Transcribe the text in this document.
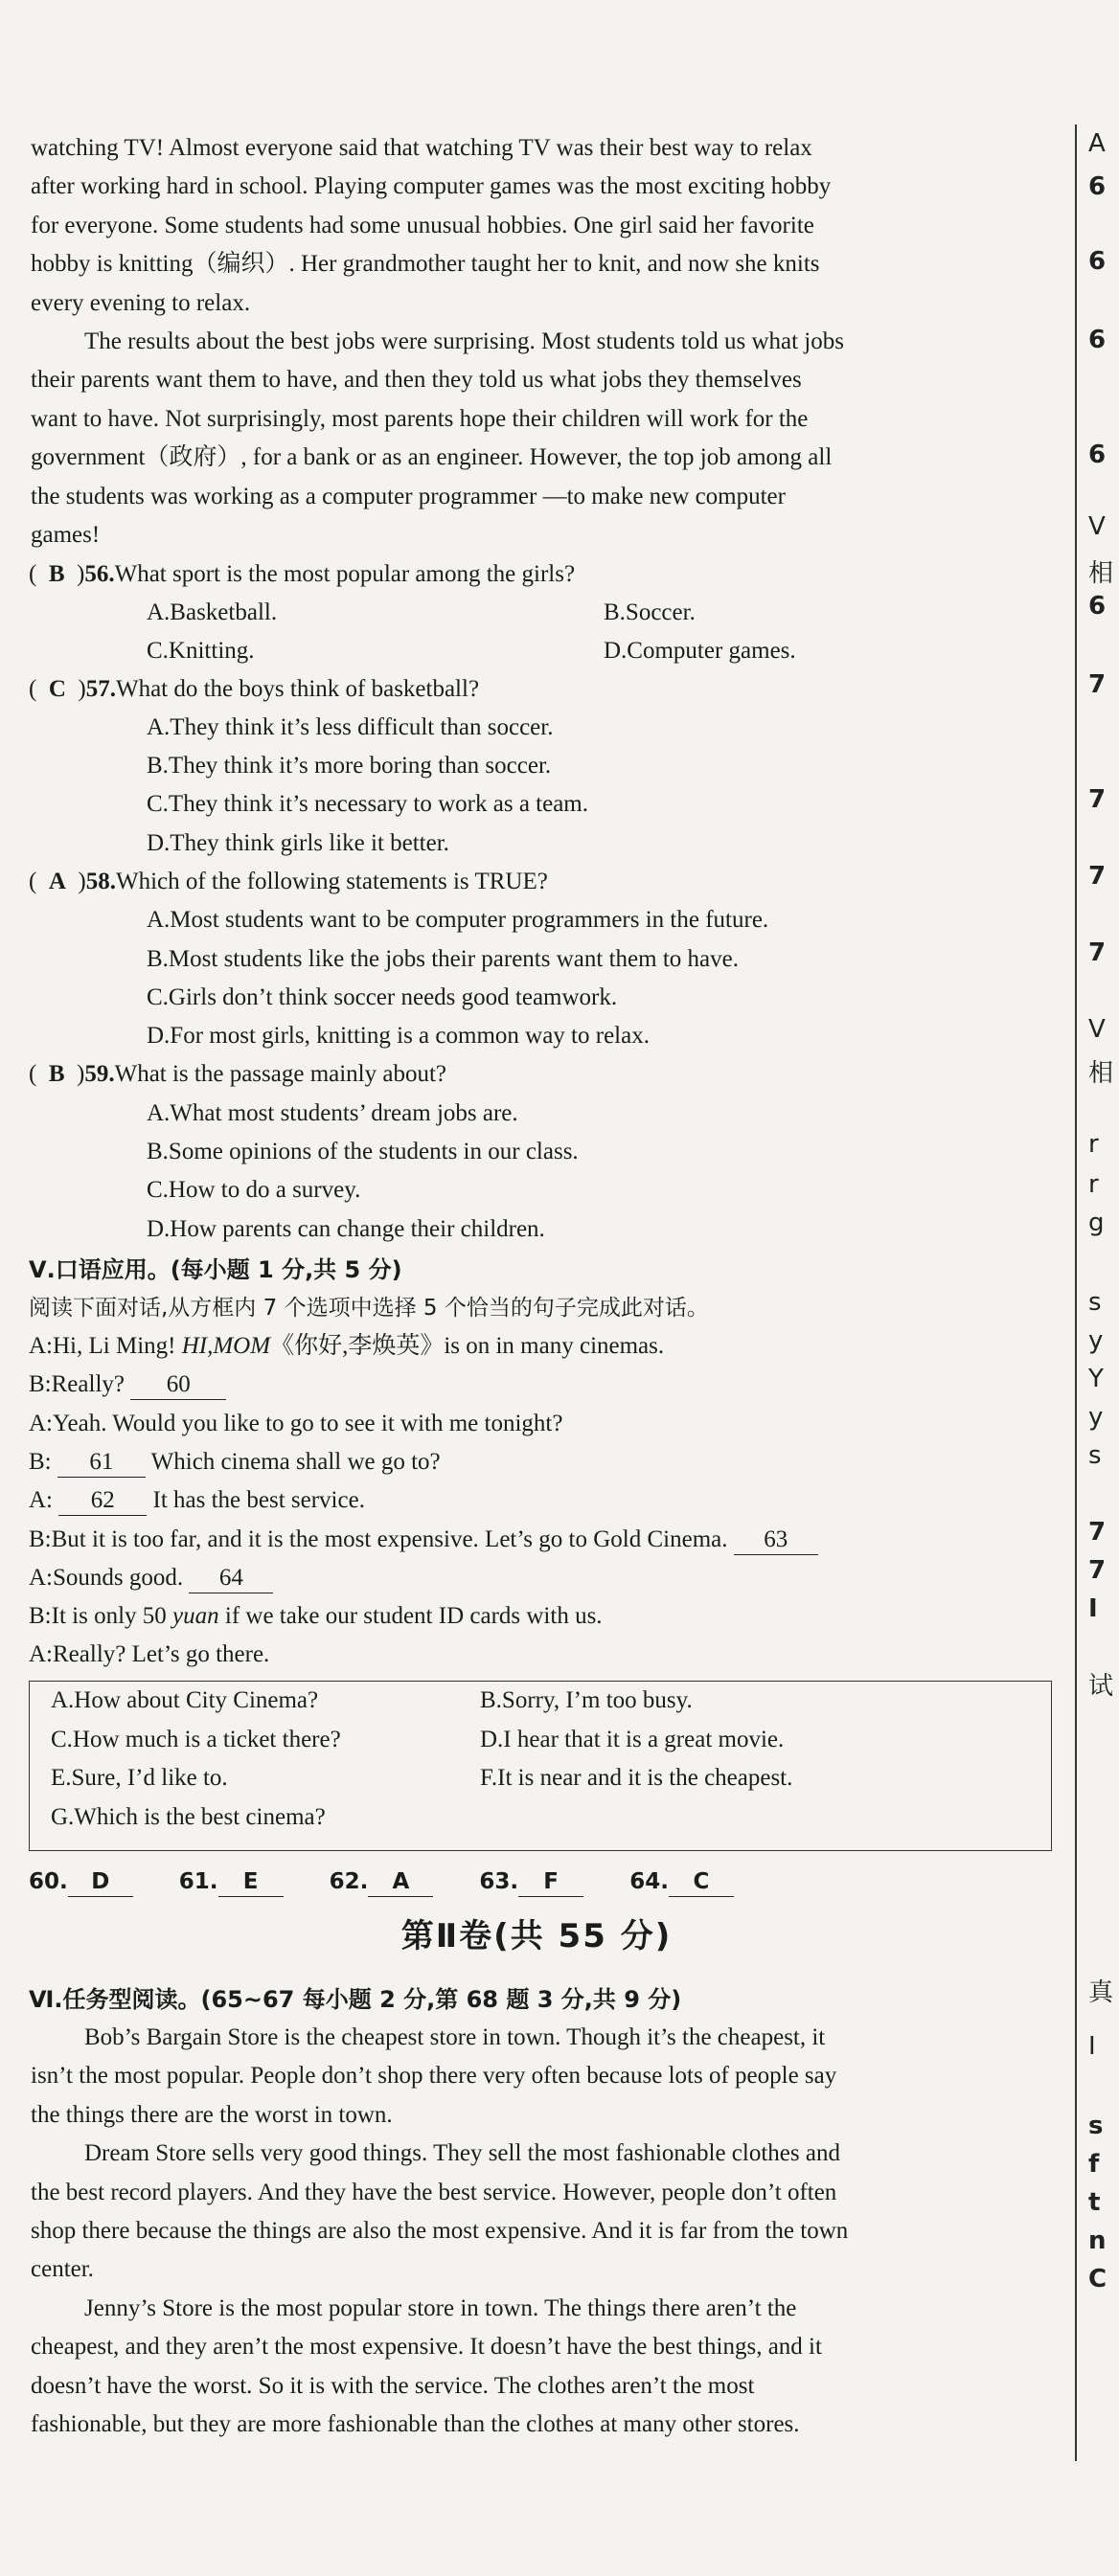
watching TV! Almost everyone said that watching TV was their best way to relax
after working hard in school. Playing computer games was the most exciting hobby
for everyone. Some students had some unusual hobbies. One girl said her favorite
hobby is knitting（编织）. Her grandmother taught her to knit, and now she knits
every evening to relax.

The results about the best jobs were surprising. Most students told us what jobs
their parents want them to have, and then they told us what jobs they themselves
want to have. Not surprisingly, most parents hope their children will work for the
government（政府）, for a bank or as an engineer. However, the top job among all
the students was working as a computer programmer —to make new computer
games!

(  B  )56.What sport is the most popular among the girls?
A.Basketball.	B.Soccer.
C.Knitting.	D.Computer games.
(  C  )57.What do the boys think of basketball?
A.They think it’s less difficult than soccer.
B.They think it’s more boring than soccer.
C.They think it’s necessary to work as a team.
D.They think girls like it better.
(  A  )58.Which of the following statements is TRUE?
A.Most students want to be computer programmers in the future.
B.Most students like the jobs their parents want them to have.
C.Girls don’t think soccer needs good teamwork.
D.For most girls, knitting is a common way to relax.
(  B  )59.What is the passage mainly about?
A.What most students’ dream jobs are.
B.Some opinions of the students in our class.
C.How to do a survey.
D.How parents can change their children.
Ⅴ.口语应用。(每小题 1 分,共 5 分)
阅读下面对话,从方框内 7 个选项中选择 5 个恰当的句子完成此对话。
A:Hi, Li Ming! HI,MOM《你好,李焕英》is on in many cinemas.
B:Really? 60
A:Yeah. Would you like to go to see it with me tonight?
B: 61 Which cinema shall we go to?
A: 62 It has the best service.
B:But it is too far, and it is the most expensive. Let’s go to Gold Cinema. 63
A:Sounds good. 64
B:It is only 50 yuan if we take our student ID cards with us.
A:Really? Let’s go there.
A.How about City Cinema?	B.Sorry, I’m too busy.
C.How much is a ticket there?	D.I hear that it is a great movie.
E.Sure, I’d like to.	F.It is near and it is the cheapest.
G.Which is the best cinema?
60. D	61. E	62. A	63. F	64. C
第Ⅱ卷(共 55 分)
Ⅵ.任务型阅读。(65~67 每小题 2 分,第 68 题 3 分,共 9 分)

Bob’s Bargain Store is the cheapest store in town. Though it’s the cheapest, it
isn’t the most popular. People don’t shop there very often because lots of people say
the things there are the worst in town.

Dream Store sells very good things. They sell the most fashionable clothes and
the best record players. And they have the best service. However, people don’t often
shop there because the things are also the most expensive. And it is far from the town
center.

Jenny’s Store is the most popular store in town. The things there aren’t the
cheapest, and they aren’t the most expensive. It doesn’t have the best things, and it
doesn’t have the worst. So it is with the service. The clothes aren’t the most
fashionable, but they are more fashionable than the clothes at many other stores.

A
6
6
6
6
V
相
6
7
7
7
7
V
相
r
r
g
s
y
Y
y
s
7
7
I
试
真
I
s
f
t
n
C
